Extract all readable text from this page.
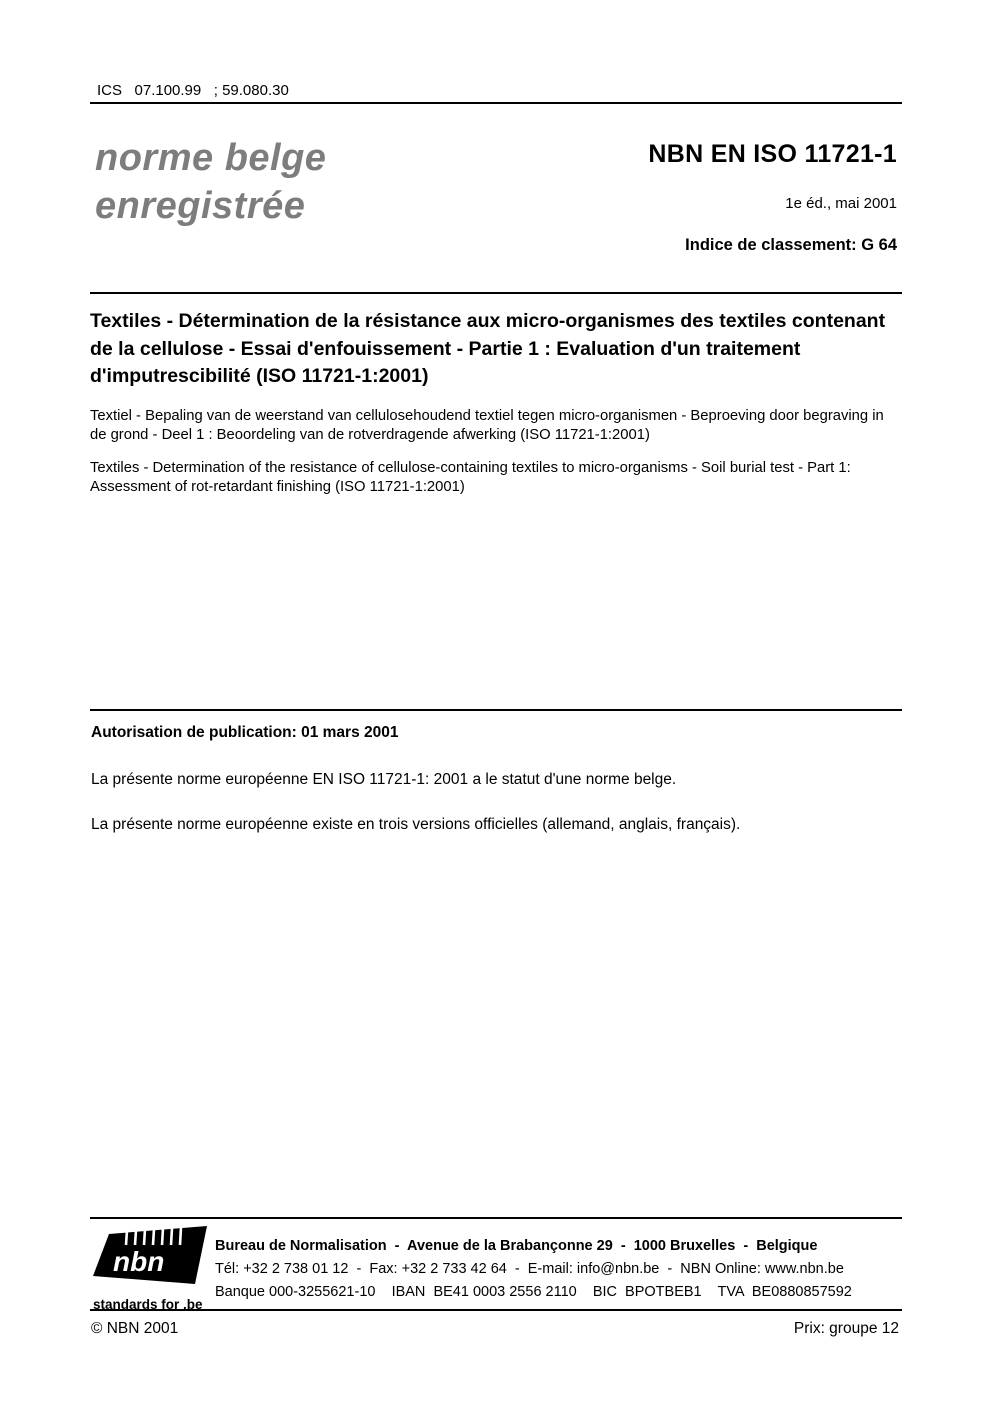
ICS   07.100.99   ; 59.080.30
norme belge
enregistrée
NBN EN ISO 11721-1
1e éd., mai 2001
Indice de classement: G 64
Textiles - Détermination de la résistance aux micro-organismes des textiles contenant de la cellulose - Essai d'enfouissement - Partie 1 : Evaluation d'un traitement d'imputrescibilité (ISO 11721-1:2001)

Textiel - Bepaling van de weerstand van cellulosehoudend textiel tegen micro-organismen - Beproeving door begraving in de grond - Deel 1 : Beoordeling van de rotverdragende afwerking (ISO 11721-1:2001)

Textiles - Determination of the resistance of cellulose-containing textiles to micro-organisms - Soil burial test - Part 1: Assessment of rot-retardant finishing (ISO 11721-1:2001)

Autorisation de publication: 01 mars 2001

La présente norme européenne EN ISO 11721-1: 2001 a le statut d'une norme belge.

La présente norme européenne existe en trois versions officielles (allemand, anglais, français).

nbn
standards for .be
Bureau de Normalisation  -  Avenue de la Brabançonne 29  -  1000 Bruxelles  -  Belgique
Tél: +32 2 738 01 12  -  Fax: +32 2 733 42 64  -  E-mail: info@nbn.be  -  NBN Online: www.nbn.be
Banque 000-3255621-10    IBAN  BE41 0003 2556 2110    BIC  BPOTBEB1    TVA  BE0880857592
© NBN 2001	Prix: groupe 12
